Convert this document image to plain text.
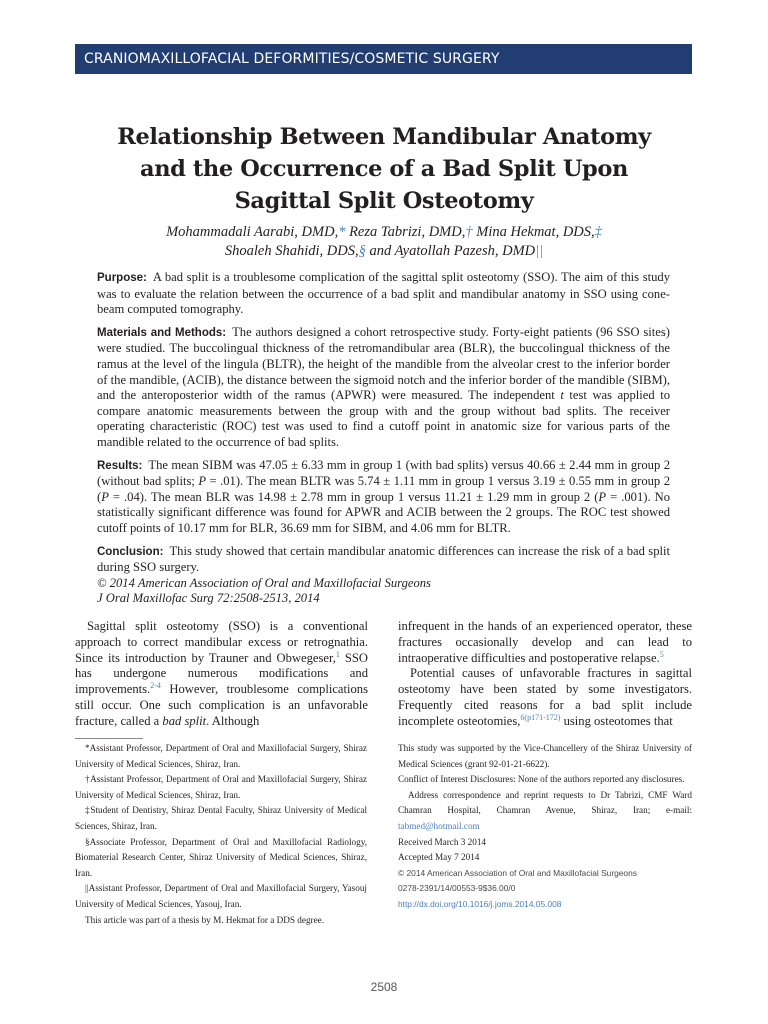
CRANIOMAXILLOFACIAL DEFORMITIES/COSMETIC SURGERY
Relationship Between Mandibular Anatomy
and the Occurrence of a Bad Split Upon
Sagittal Split Osteotomy
Mohammadali Aarabi, DMD,* Reza Tabrizi, DMD,† Mina Hekmat, DDS,‡
Shoaleh Shahidi, DDS,§ and Ayatollah Pazesh, DMD||

Purpose: A bad split is a troublesome complication of the sagittal split osteotomy (SSO). The aim of this study was to evaluate the relation between the occurrence of a bad split and mandibular anatomy in SSO using cone-beam computed tomography.

Materials and Methods: The authors designed a cohort retrospective study. Forty-eight patients (96 SSO sites) were studied. The buccolingual thickness of the retromandibular area (BLR), the buccolingual thickness of the ramus at the level of the lingula (BLTR), the height of the mandible from the alveolar crest to the inferior border of the mandible, (ACIB), the distance between the sigmoid notch and the inferior border of the mandible (SIBM), and the anteroposterior width of the ramus (APWR) were measured. The independent t test was applied to compare anatomic measurements between the group with and the group without bad splits. The receiver operating characteristic (ROC) test was used to find a cutoff point in anatomic size for various parts of the mandible related to the occurrence of bad splits.

Results: The mean SIBM was 47.05 ± 6.33 mm in group 1 (with bad splits) versus 40.66 ± 2.44 mm in group 2 (without bad splits; P = .01). The mean BLTR was 5.74 ± 1.11 mm in group 1 versus 3.19 ± 0.55 mm in group 2 (P = .04). The mean BLR was 14.98 ± 2.78 mm in group 1 versus 11.21 ± 1.29 mm in group 2 (P = .001). No statistically significant difference was found for APWR and ACIB between the 2 groups. The ROC test showed cutoff points of 10.17 mm for BLR, 36.69 mm for SIBM, and 4.06 mm for BLTR.

Conclusion: This study showed that certain mandibular anatomic differences can increase the risk of a bad split during SSO surgery.

© 2014 American Association of Oral and Maxillofacial Surgeons
J Oral Maxillofac Surg 72:2508-2513, 2014

Sagittal split osteotomy (SSO) is a conventional approach to correct mandibular excess or retrognathia. Since its introduction by Trauner and Obwegeser,$^1$ SSO has undergone numerous modifications and improvements.$^{2-4}$ However, troublesome complications still occur. One such complication is an unfavorable fracture, called a bad split. Although

infrequent in the hands of an experienced operator, these fractures occasionally develop and can lead to intraoperative difficulties and postoperative relapse.$^5$

Potential causes of unfavorable fractures in sagittal osteotomy have been stated by some investigators. Frequently cited reasons for a bad split include incomplete osteotomies,$^{6(p171-172)}$ using osteotomes that

*Assistant Professor, Department of Oral and Maxillofacial Surgery, Shiraz University of Medical Sciences, Shiraz, Iran.

†Assistant Professor, Department of Oral and Maxillofacial Surgery, Shiraz University of Medical Sciences, Shiraz, Iran.

‡Student of Dentistry, Shiraz Dental Faculty, Shiraz University of Medical Sciences, Shiraz, Iran.

§Associate Professor, Department of Oral and Maxillofacial Radiology, Biomaterial Research Center, Shiraz University of Medical Sciences, Shiraz, Iran.

||Assistant Professor, Department of Oral and Maxillofacial Surgery, Yasouj University of Medical Sciences, Yasouj, Iran.

This article was part of a thesis by M. Hekmat for a DDS degree.

This study was supported by the Vice-Chancellery of the Shiraz University of Medical Sciences (grant 92-01-21-6622).

Conflict of Interest Disclosures: None of the authors reported any disclosures.

Address correspondence and reprint requests to Dr Tabrizi, CMF Ward Chamran Hospital, Chamran Avenue, Shiraz, Iran; e-mail: tabmed@hotmail.com

Received March 3 2014

Accepted May 7 2014

© 2014 American Association of Oral and Maxillofacial Surgeons

0278-2391/14/00553-9$36.00/0

http://dx.doi.org/10.1016/j.joms.2014.05.008

2508
